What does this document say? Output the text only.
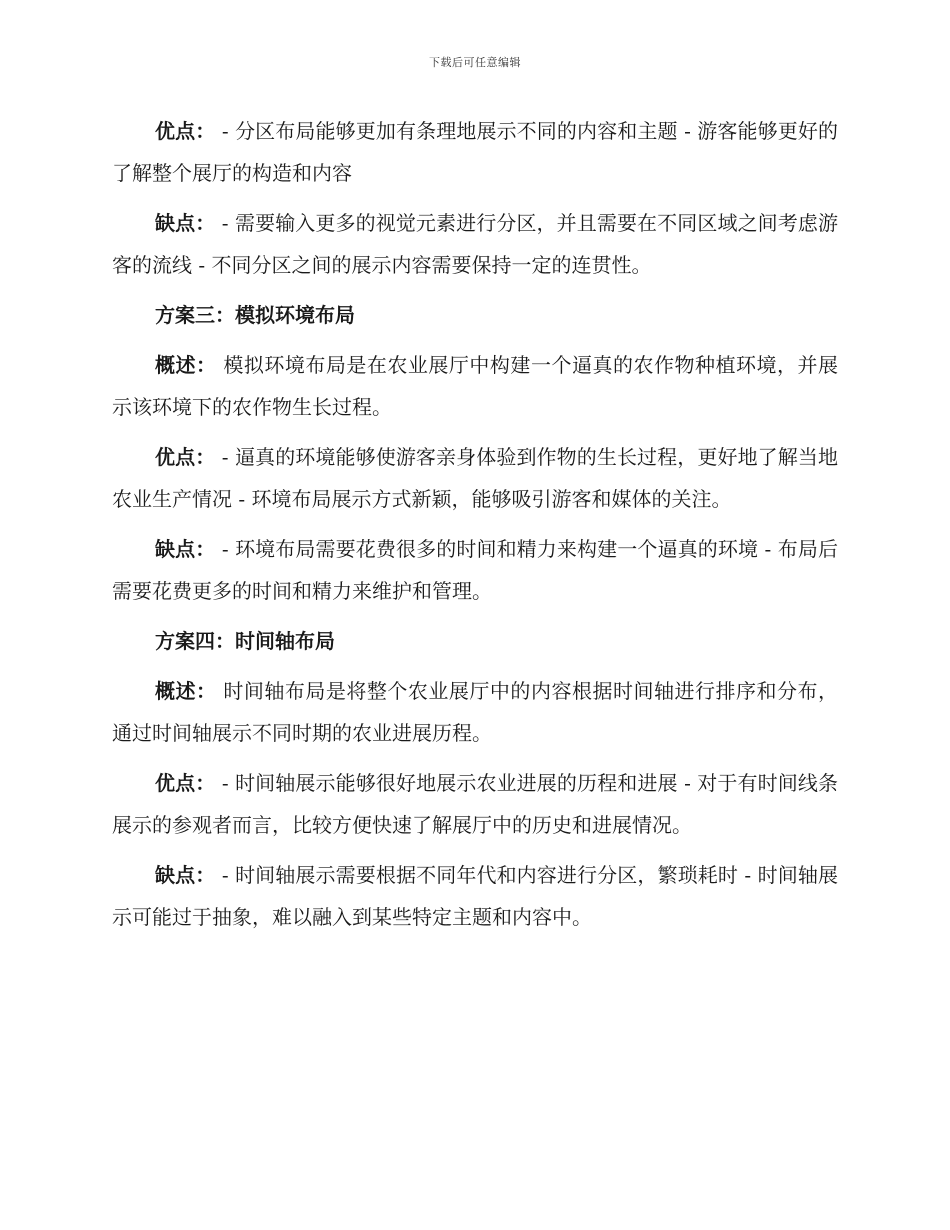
下载后可任意编辑

优点： - 分区布局能够更加有条理地展示不同的内容和主题 - 游客能够更好的了解整个展厅的构造和内容

缺点： - 需要输入更多的视觉元素进行分区，并且需要在不同区域之间考虑游客的流线 - 不同分区之间的展示内容需要保持一定的连贯性。

方案三：模拟环境布局

概述： 模拟环境布局是在农业展厅中构建一个逼真的农作物种植环境，并展示该环境下的农作物生长过程。

优点： - 逼真的环境能够使游客亲身体验到作物的生长过程，更好地了解当地农业生产情况 - 环境布局展示方式新颖，能够吸引游客和媒体的关注。

缺点： - 环境布局需要花费很多的时间和精力来构建一个逼真的环境 - 布局后需要花费更多的时间和精力来维护和管理。

方案四：时间轴布局

概述： 时间轴布局是将整个农业展厅中的内容根据时间轴进行排序和分布，通过时间轴展示不同时期的农业进展历程。

优点： - 时间轴展示能够很好地展示农业进展的历程和进展 - 对于有时间线条展示的参观者而言，比较方便快速了解展厅中的历史和进展情况。

缺点： - 时间轴展示需要根据不同年代和内容进行分区，繁琐耗时 - 时间轴展示可能过于抽象，难以融入到某些特定主题和内容中。
